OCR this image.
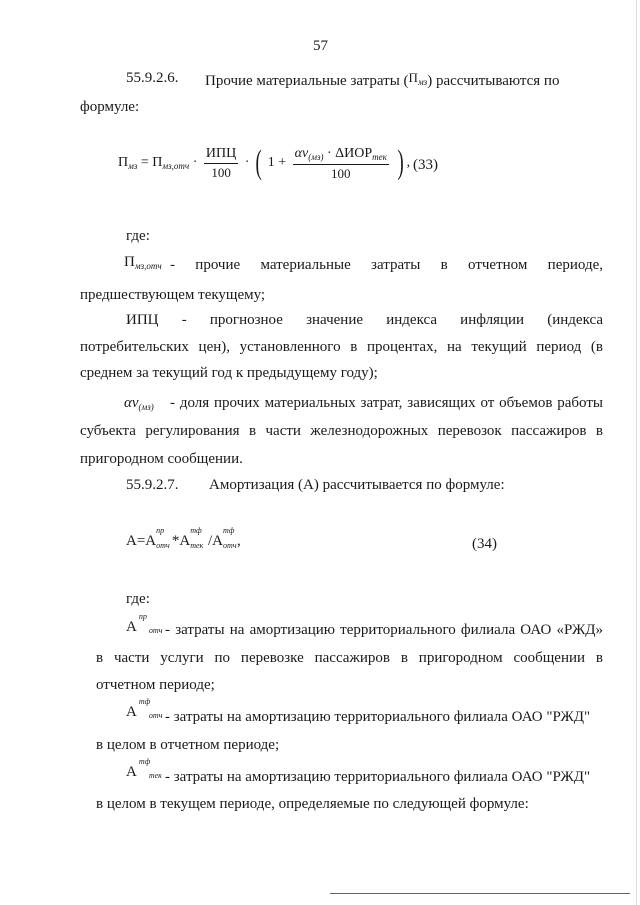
57
55.9.2.6. Прочие материальные затраты $(П_{мз})$ рассчитываются по
формуле:
$П_{мз} = П_{мз,отч} \cdot \frac{\text{ИПЦ}}{100}$ · ( $1 + \frac{\alpha v_{(мз)} \cdot \Delta ИОР_{тек}}{100}$ ) , (33)
где:
$П_{мз,отч}$ - прочие материальные затраты в отчетном периоде,
предшествующем текущему;
ИПЦ - прогнозное значение индекса инфляции (индекса
потребительских цен), установленного в процентах, на текущий период (в
среднем за текущий год к предыдущему году);
$\alpha v_{(мз)}$ - доля прочих материальных затрат, зависящих от объемов работы
субъекта регулирования в части железнодорожных перевозок пассажиров в
пригородном сообщении.
55.9.2.7. Амортизация (А) рассчитывается по формуле:
А=А
пр
отч *А
тф
тек /А
тф
отч ,	(34)
где:
А
пр
отч - затраты на амортизацию территориального филиала ОАО «РЖД»
в части услуги по перевозке пассажиров в пригородном сообщении в
отчетном периоде;
А
тф
отч - затраты на амортизацию территориального филиала ОАО "РЖД"
в целом в отчетном периоде;
А
тф
тек - затраты на амортизацию территориального филиала ОАО "РЖД"
в целом в текущем периоде, определяемые по следующей формуле:
